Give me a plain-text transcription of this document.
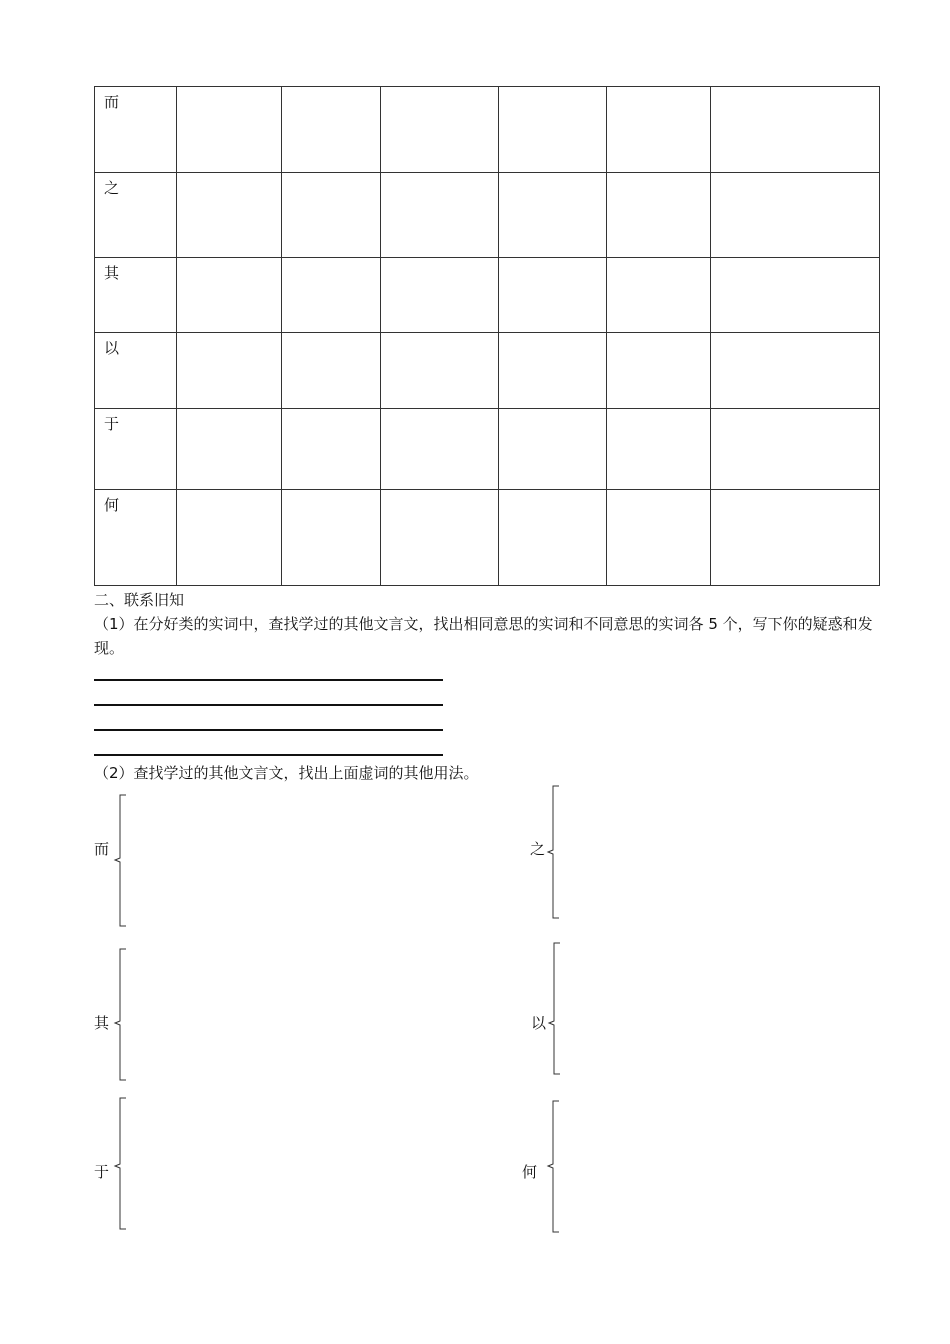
而						
之						
其						
以						
于						
何						
二、联系旧知
（1）在分好类的实词中，查找学过的其他文言文，找出相同意思的实词和不同意思的实词各 5 个，写下你的疑惑和发现。
（2）查找学过的其他文言文，找出上面虚词的其他用法。
而
其
于
之
以
何
